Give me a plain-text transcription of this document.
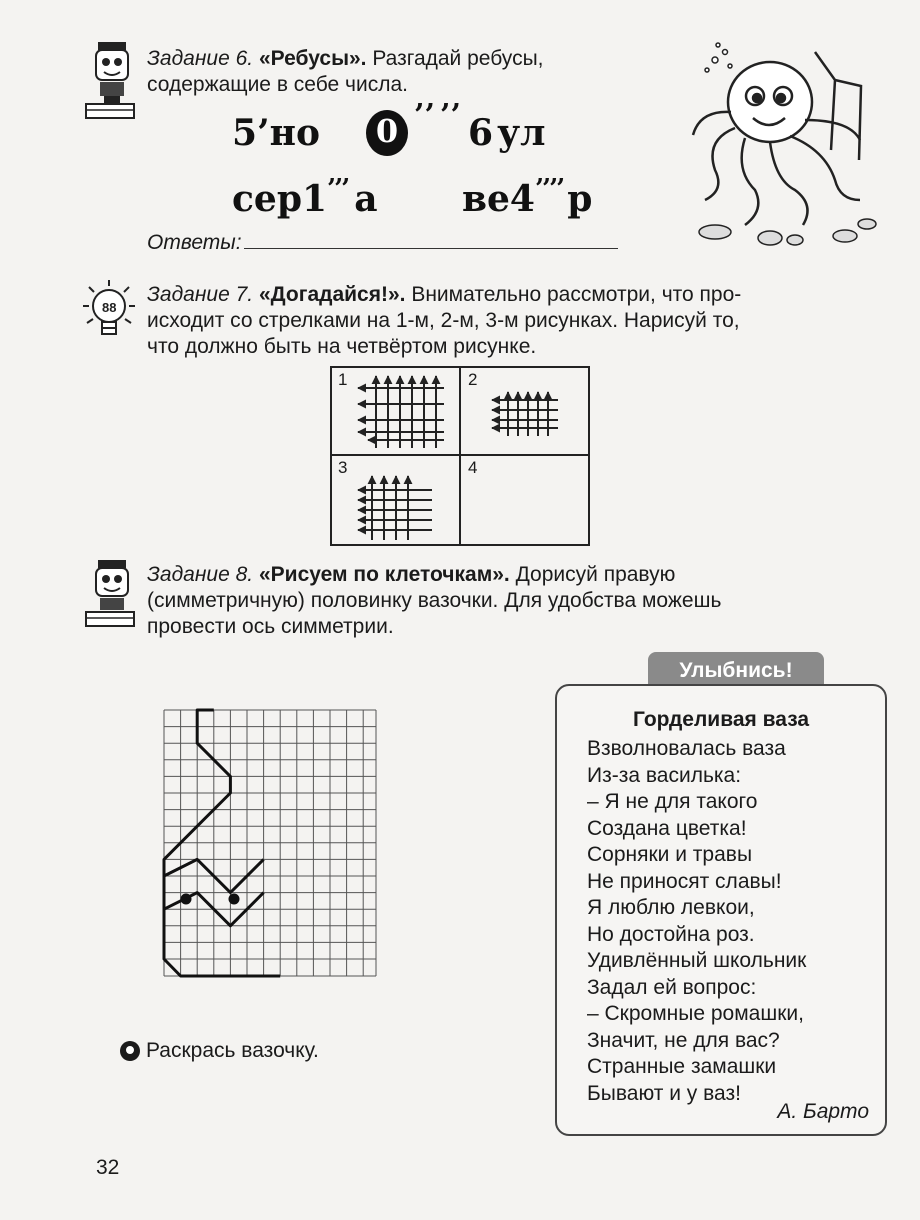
Задание 6. «Ребусы». Разгадай ребусы,
содержащие в себе числа.
5’но	0 ’’ 6 ул
’’
сер1’’’ а ве4’’’’ р
Ответы:
88
Задание 7. «Догадайся!». Внимательно рассмотри, что про-
исходит со стрелками на 1-м, 2-м, 3-м рисунках. Нарисуй то,
что должно быть на четвёртом рисунке.
1	2
3	4
Задание 8. «Рисуем по клеточкам». Дорисуй правую
(симметричную) половинку вазочки. Для удобства можешь
провести ось симметрии.
Раскрась вазочку.
Улыбнись!
Горделивая ваза
Взволновалась ваза
Из-за василька:
– Я не для такого
Создана цветка!
Сорняки и травы
Не приносят славы!
Я люблю левкои,
Но достойна роз.
Удивлённый школьник
Задал ей вопрос:
– Скромные ромашки,
Значит, не для вас?
Странные замашки
Бывают и у ваз!
А. Барто
32
